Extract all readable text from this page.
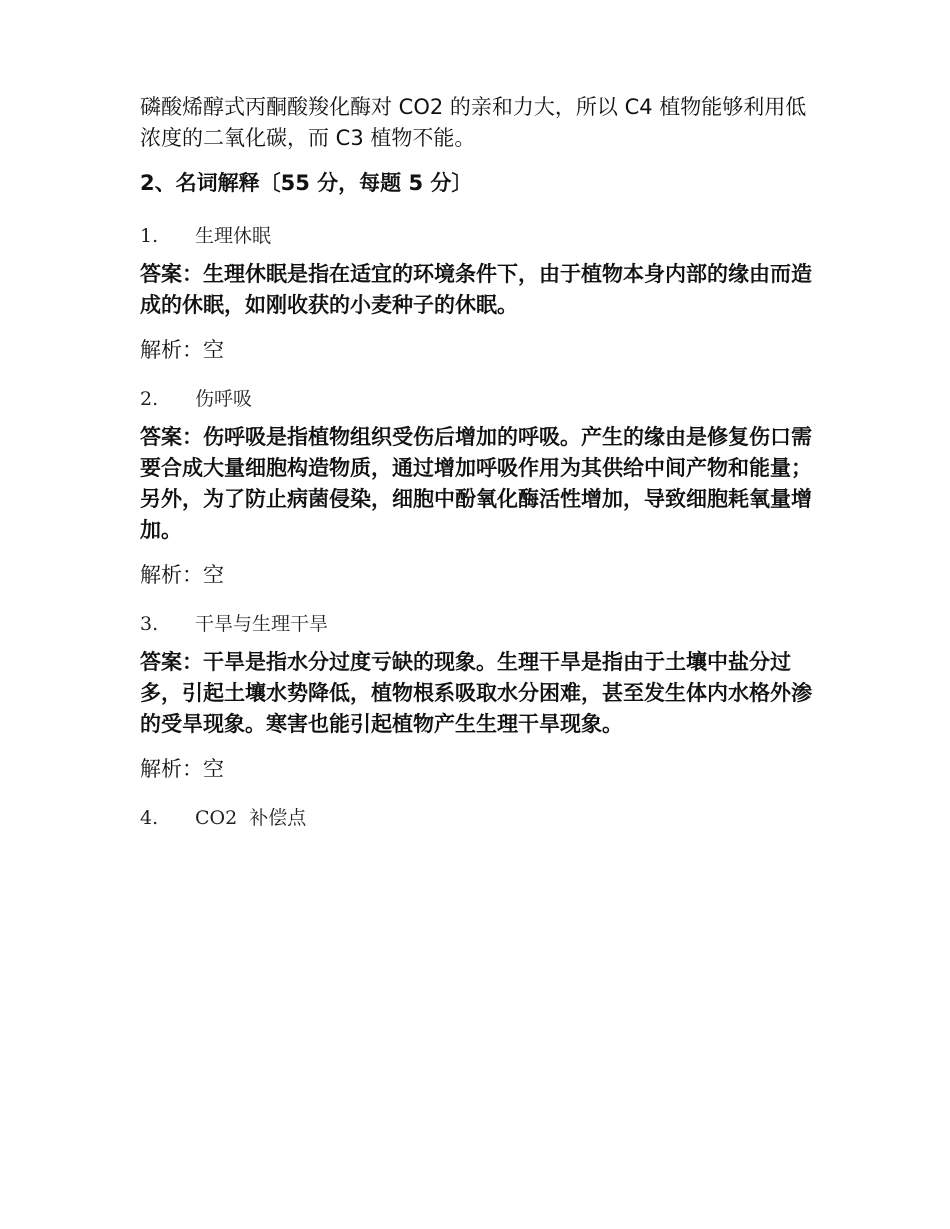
磷酸烯醇式丙酮酸羧化酶对 CO2 的亲和力大，所以 C4 植物能够利用低浓度的二氧化碳，而 C3 植物不能。

2、名词解释〔55 分，每题 5 分〕

1. 生理休眠

答案：生理休眠是指在适宜的环境条件下，由于植物本身内部的缘由而造成的休眠，如刚收获的小麦种子的休眠。

解析：空

2. 伤呼吸

答案：伤呼吸是指植物组织受伤后增加的呼吸。产生的缘由是修复伤口需要合成大量细胞构造物质，通过增加呼吸作用为其供给中间产物和能量；另外，为了防止病菌侵染，细胞中酚氧化酶活性增加，导致细胞耗氧量增加。

解析：空

3. 干旱与生理干旱

答案：干旱是指水分过度亏缺的现象。生理干旱是指由于土壤中盐分过多，引起土壤水势降低，植物根系吸取水分困难，甚至发生体内水格外渗的受旱现象。寒害也能引起植物产生生理干旱现象。

解析：空

4. CO2  补偿点
